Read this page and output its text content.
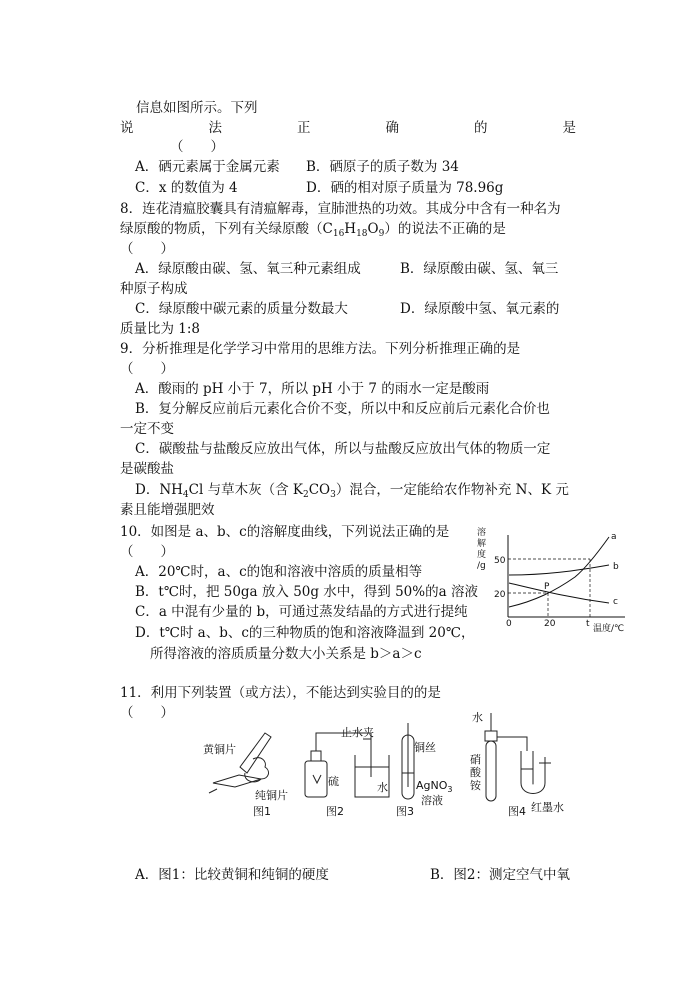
信息如图所示。下列
说	法	正	确	的	是
（　　）
A．硒元素属于金属元素 B．硒原子的质子数为 34
C．x 的数值为 4	D．硒的相对原子质量为 78.96g
8．连花清瘟胶囊具有清瘟解毒，宣肺泄热的功效。其成分中含有一种名为
绿原酸的物质，下列有关绿原酸$(C_{16}H_{18}O_9)$的说法不正确的是
（　　）
A．绿原酸由碳、氢、氧三种元素组成	B．绿原酸由碳、氢、氧三
种原子构成
C．绿原酸中碳元素的质量分数最大	D．绿原酸中氢、氧元素的
质量比为 1:8
9．分析推理是化学学习中常用的思维方法。下列分析推理正确的是
（　　）
A．酸雨的 pH 小于 7，所以 pH 小于 7 的雨水一定是酸雨
B．复分解反应前后元素化合价不变，所以中和反应前后元素化合价也
一定不变
C．碳酸盐与盐酸反应放出气体，所以与盐酸反应放出气体的物质一定
是碳酸盐
D．$NH_4Cl$ 与草木灰（含 $K_2CO_3$）混合，一定能给农作物补充 N、K 元
素且能增强肥效
10．如图是 a、b、c的溶解度曲线，下列说法正确的是
（　　）
A．20℃时，a、c的饱和溶液中溶质的质量相等
B．t℃时，把 50ga 放入 50g 水中，得到 50%的a 溶液
C．a 中混有少量的 b，可通过蒸发结晶的方式进行提纯
D．t℃时 a、b、c的三种物质的饱和溶液降温到 20℃，
所得溶液的溶质质量分数大小关系是 b＞a＞c
溶
解
度
/g 50
20
0	20	t 温度/℃
a
b
c
P
11．利用下列装置（或方法），不能达到实验目的的是
（　　）
黄铜片
纯铜片
止水夹
硫	水
铜丝
AgNO$_3$
溶液
水
硝
酸
铵
红墨水
图1	图2	图3	图4
A．图1：比较黄铜和纯铜的硬度	B．图2：测定空气中氧
